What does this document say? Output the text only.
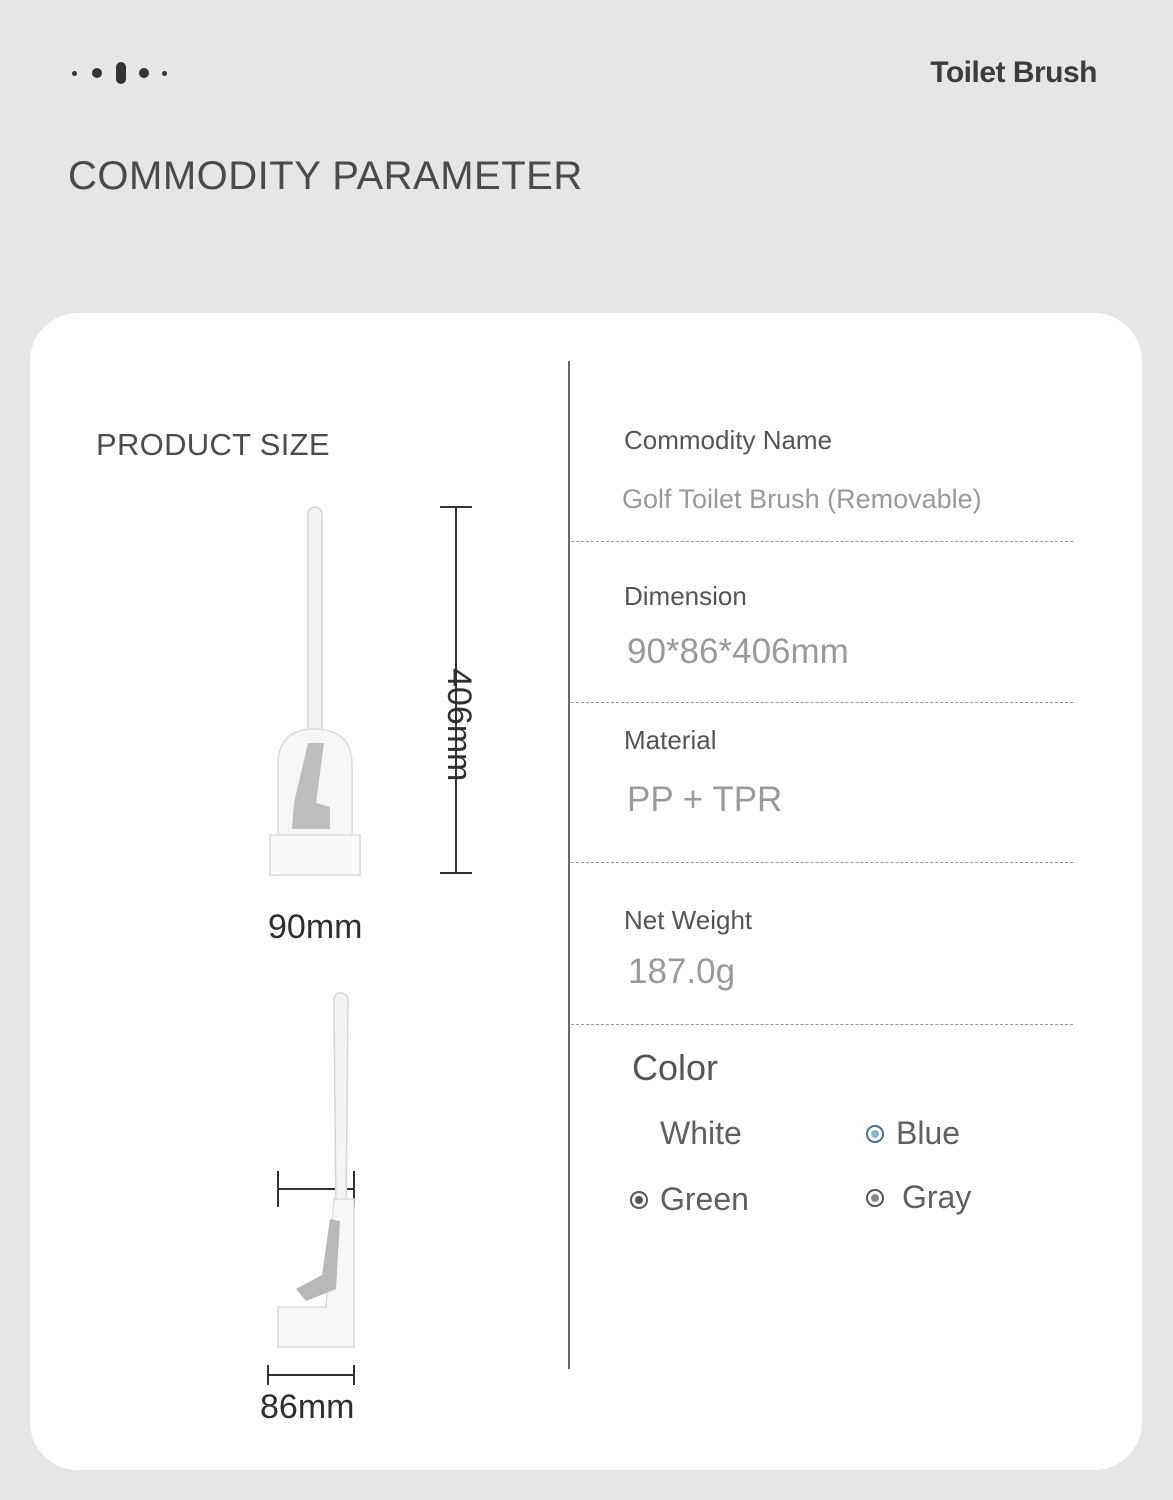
Toilet Brush
COMMODITY PARAMETER
PRODUCT SIZE
90mm
406mm
86mm
Commodity Name
Golf Toilet Brush (Removable)
Dimension
90*86*406mm
Material
PP + TPR
Net Weight
187.0g
Color
White	Blue
Green	Gray
